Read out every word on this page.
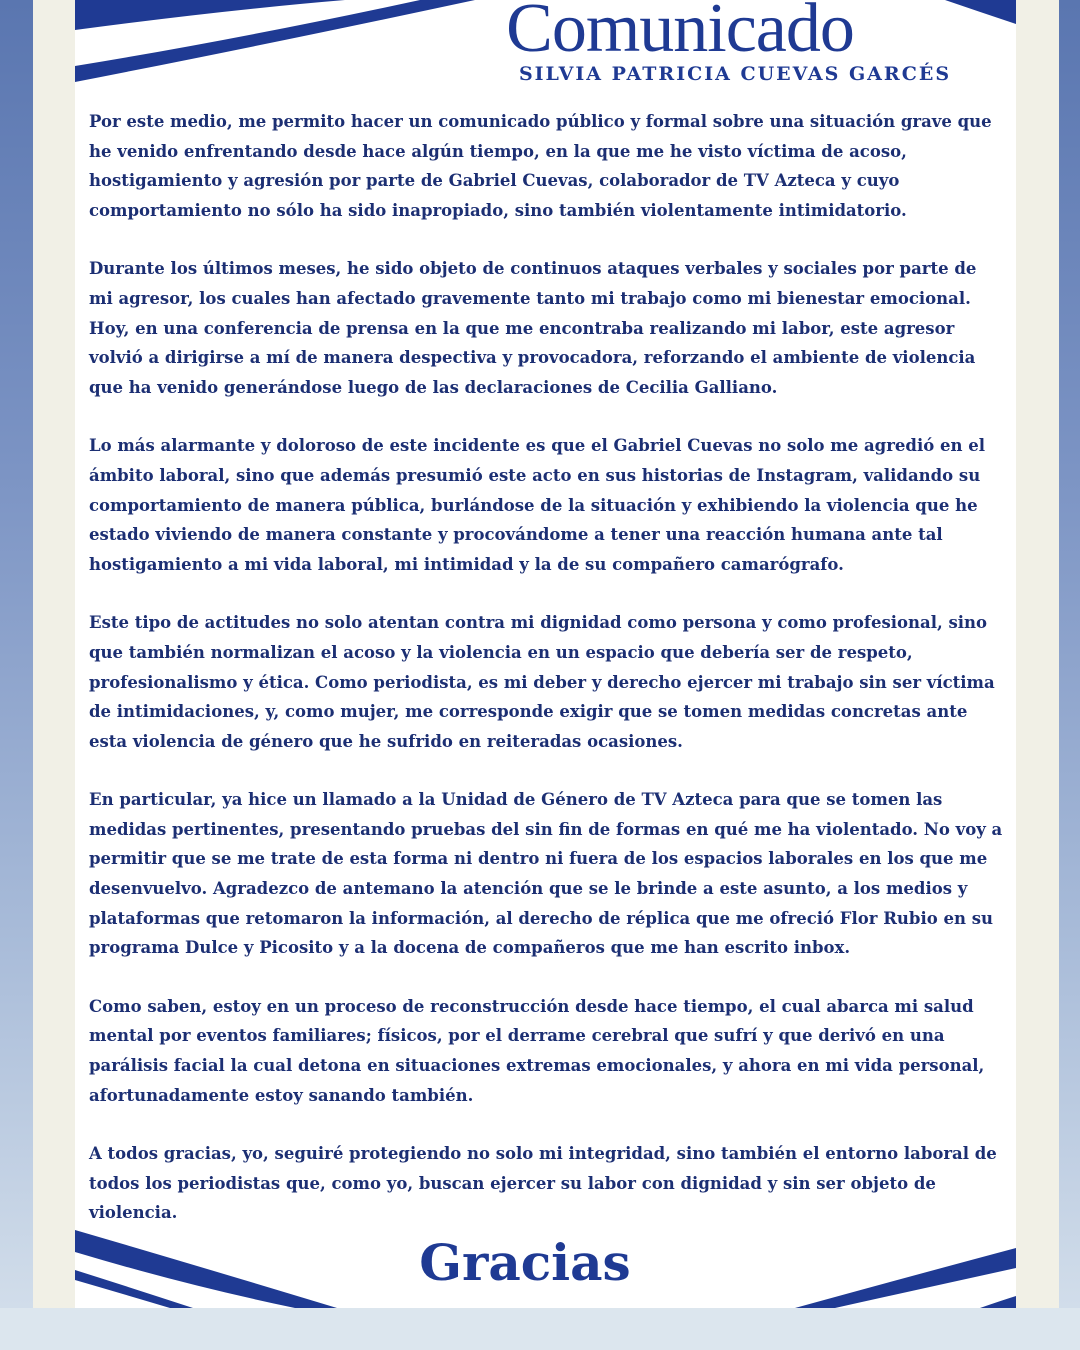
Comunicado
SILVIA PATRICIA CUEVAS GARCÉS

Por este medio, me permito hacer un comunicado público y formal sobre una situación grave que he venido enfrentando desde hace algún tiempo, en la que me he visto víctima de acoso, hostigamiento y agresión por parte de Gabriel Cuevas, colaborador de TV Azteca y cuyo comportamiento no sólo ha sido inapropiado, sino también violentamente intimidatorio.

Durante los últimos meses, he sido objeto de continuos ataques verbales y sociales por parte de mi agresor, los cuales han afectado gravemente tanto mi trabajo como mi bienestar emocional. Hoy, en una conferencia de prensa en la que me encontraba realizando mi labor, este agresor volvió a dirigirse a mí de manera despectiva y provocadora, reforzando el ambiente de violencia que ha venido generándose luego de las declaraciones de Cecilia Galliano.

Lo más alarmante y doloroso de este incidente es que el Gabriel Cuevas no solo me agredió en el ámbito laboral, sino que además presumió este acto en sus historias de Instagram, validando su comportamiento de manera pública, burlándose de la situación y exhibiendo la violencia que he estado viviendo de manera constante y procovándome a tener una reacción humana ante tal hostigamiento a mi vida laboral, mi intimidad y la de su compañero camarógrafo.

Este tipo de actitudes no solo atentan contra mi dignidad como persona y como profesional, sino que también normalizan el acoso y la violencia en un espacio que debería ser de respeto, profesionalismo y ética. Como periodista, es mi deber y derecho ejercer mi trabajo sin ser víctima de intimidaciones, y, como mujer, me corresponde exigir que se tomen medidas concretas ante esta violencia de género que he sufrido en reiteradas ocasiones.

En particular, ya hice un llamado a la Unidad de Género de TV Azteca para que se tomen las medidas pertinentes, presentando pruebas del sin fin de formas en qué me ha violentado. No voy a permitir que se me trate de esta forma ni dentro ni fuera de los espacios laborales en los que me desenvuelvo. Agradezco de antemano la atención que se le brinde a este asunto, a los medios y plataformas que retomaron la información, al derecho de réplica que me ofreció Flor Rubio en su programa Dulce y Picosito y a la docena de compañeros que me han escrito inbox.

Como saben, estoy en un proceso de reconstrucción desde hace tiempo, el cual abarca mi salud mental por eventos familiares; físicos, por el derrame cerebral que sufrí y que derivó en una parálisis facial la cual detona en situaciones extremas emocionales, y ahora en mi vida personal, afortunadamente estoy sanando también.

A todos gracias, yo, seguiré protegiendo no solo mi integridad, sino también el entorno laboral de todos los periodistas que, como yo, buscan ejercer su labor con dignidad y sin ser objeto de violencia.

Gracias
